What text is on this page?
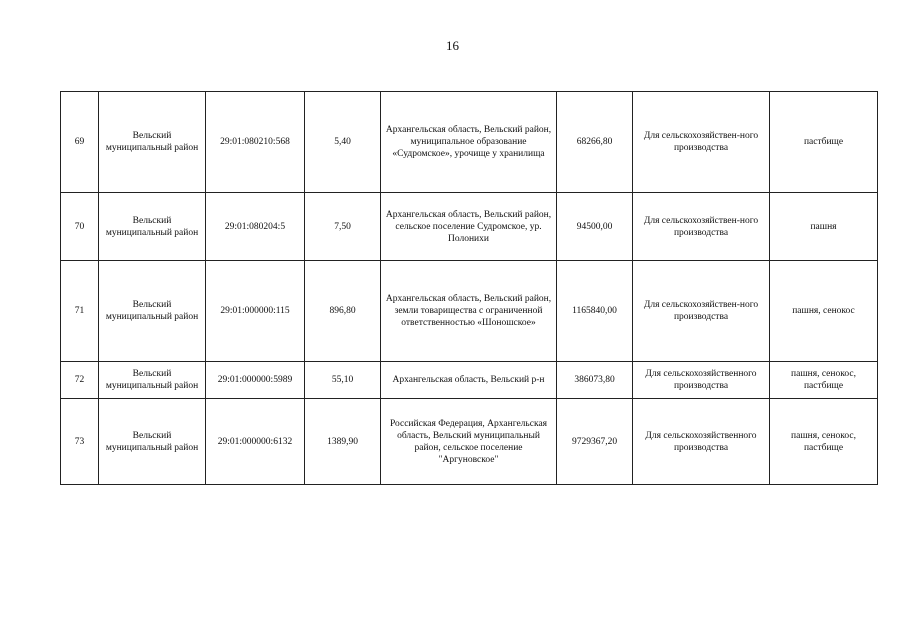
16
69	Вельский муниципальный район	29:01:080210:568	5,40	Архангельская область, Вельский район, муниципальное образование «Судромское», урочище у хранилища	68266,80	Для сельскохозяйствен-ного производства	пастбище
70	Вельский муниципальный район	29:01:080204:5	7,50	Архангельская область, Вельский район, сельское поселение Судромское, ур. Полонихи	94500,00	Для сельскохозяйствен-ного производства	пашня
71	Вельский муниципальный район	29:01:000000:115	896,80	Архангельская область, Вельский район, земли товарищества с ограниченной ответственностью «Шоношское»	1165840,00	Для сельскохозяйствен-ного производства	пашня, сенокос
72	Вельский муниципальный район	29:01:000000:5989	55,10	Архангельская область, Вельский р-н	386073,80	Для сельскохозяйственного производства	пашня, сенокос, пастбище
73	Вельский муниципальный район	29:01:000000:6132	1389,90	Российская Федерация, Архангельская область, Вельский муниципальный район, сельское поселение "Аргуновское"	9729367,20	Для сельскохозяйственного производства	пашня, сенокос, пастбище
